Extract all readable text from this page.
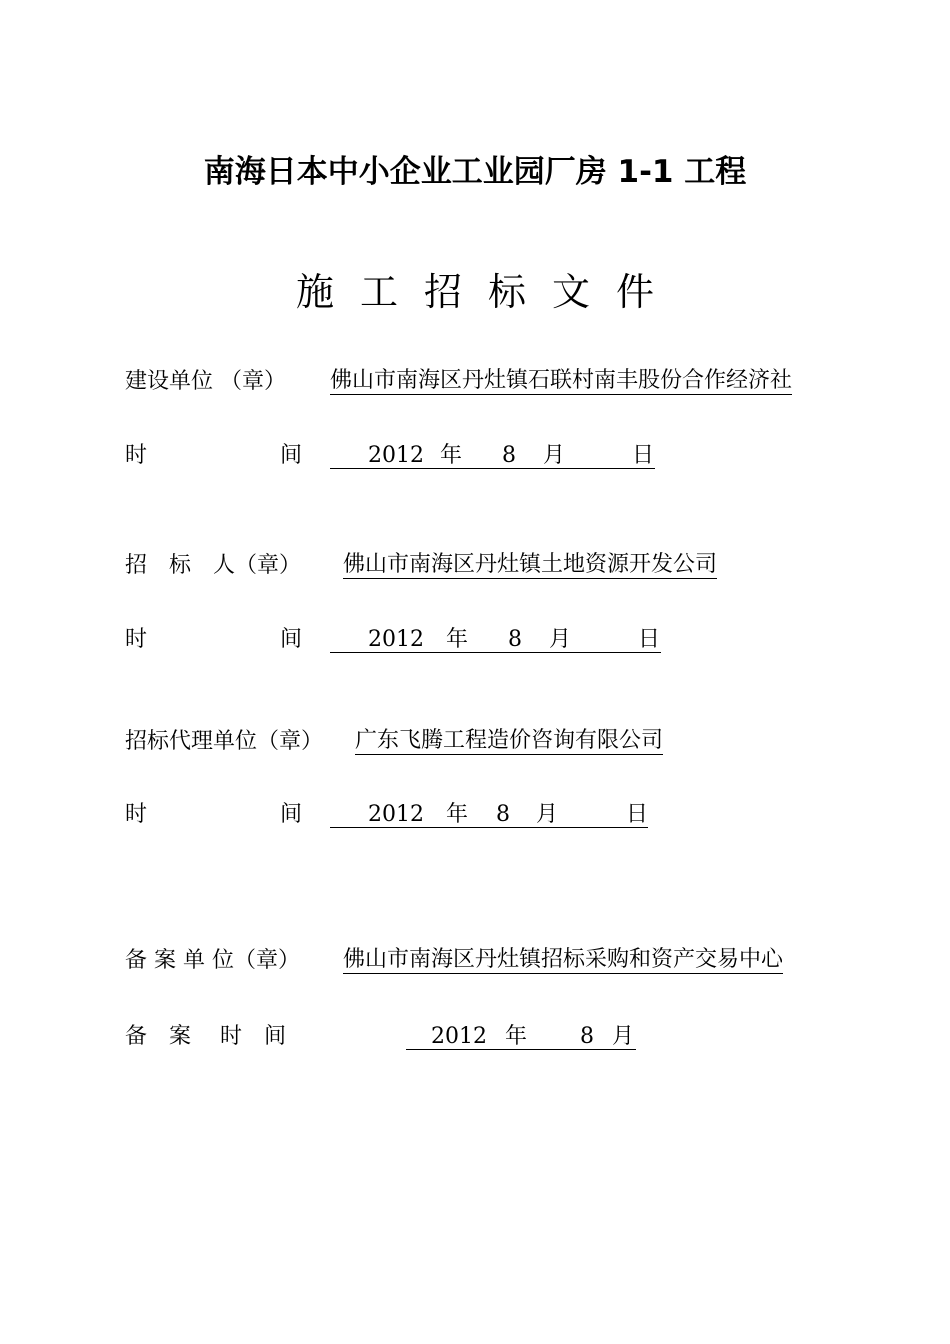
南海日本中小企业工业园厂房 1-1 工程
施工招标文件
建设单位 （章） 佛山市南海区丹灶镇石联村南丰股份合作经济社
时	间	2012 年 8 月	日
招　标　人（章） 佛山市南海区丹灶镇土地资源开发公司
时	间	2012 年 8 月	日
招标代理单位（章） 广东飞腾工程造价咨询有限公司
时	间	2012 年 8 月	日
备 案 单 位（章） 佛山市南海区丹灶镇招标采购和资产交易中心
备　案　 时　间	2012 年 8 月
